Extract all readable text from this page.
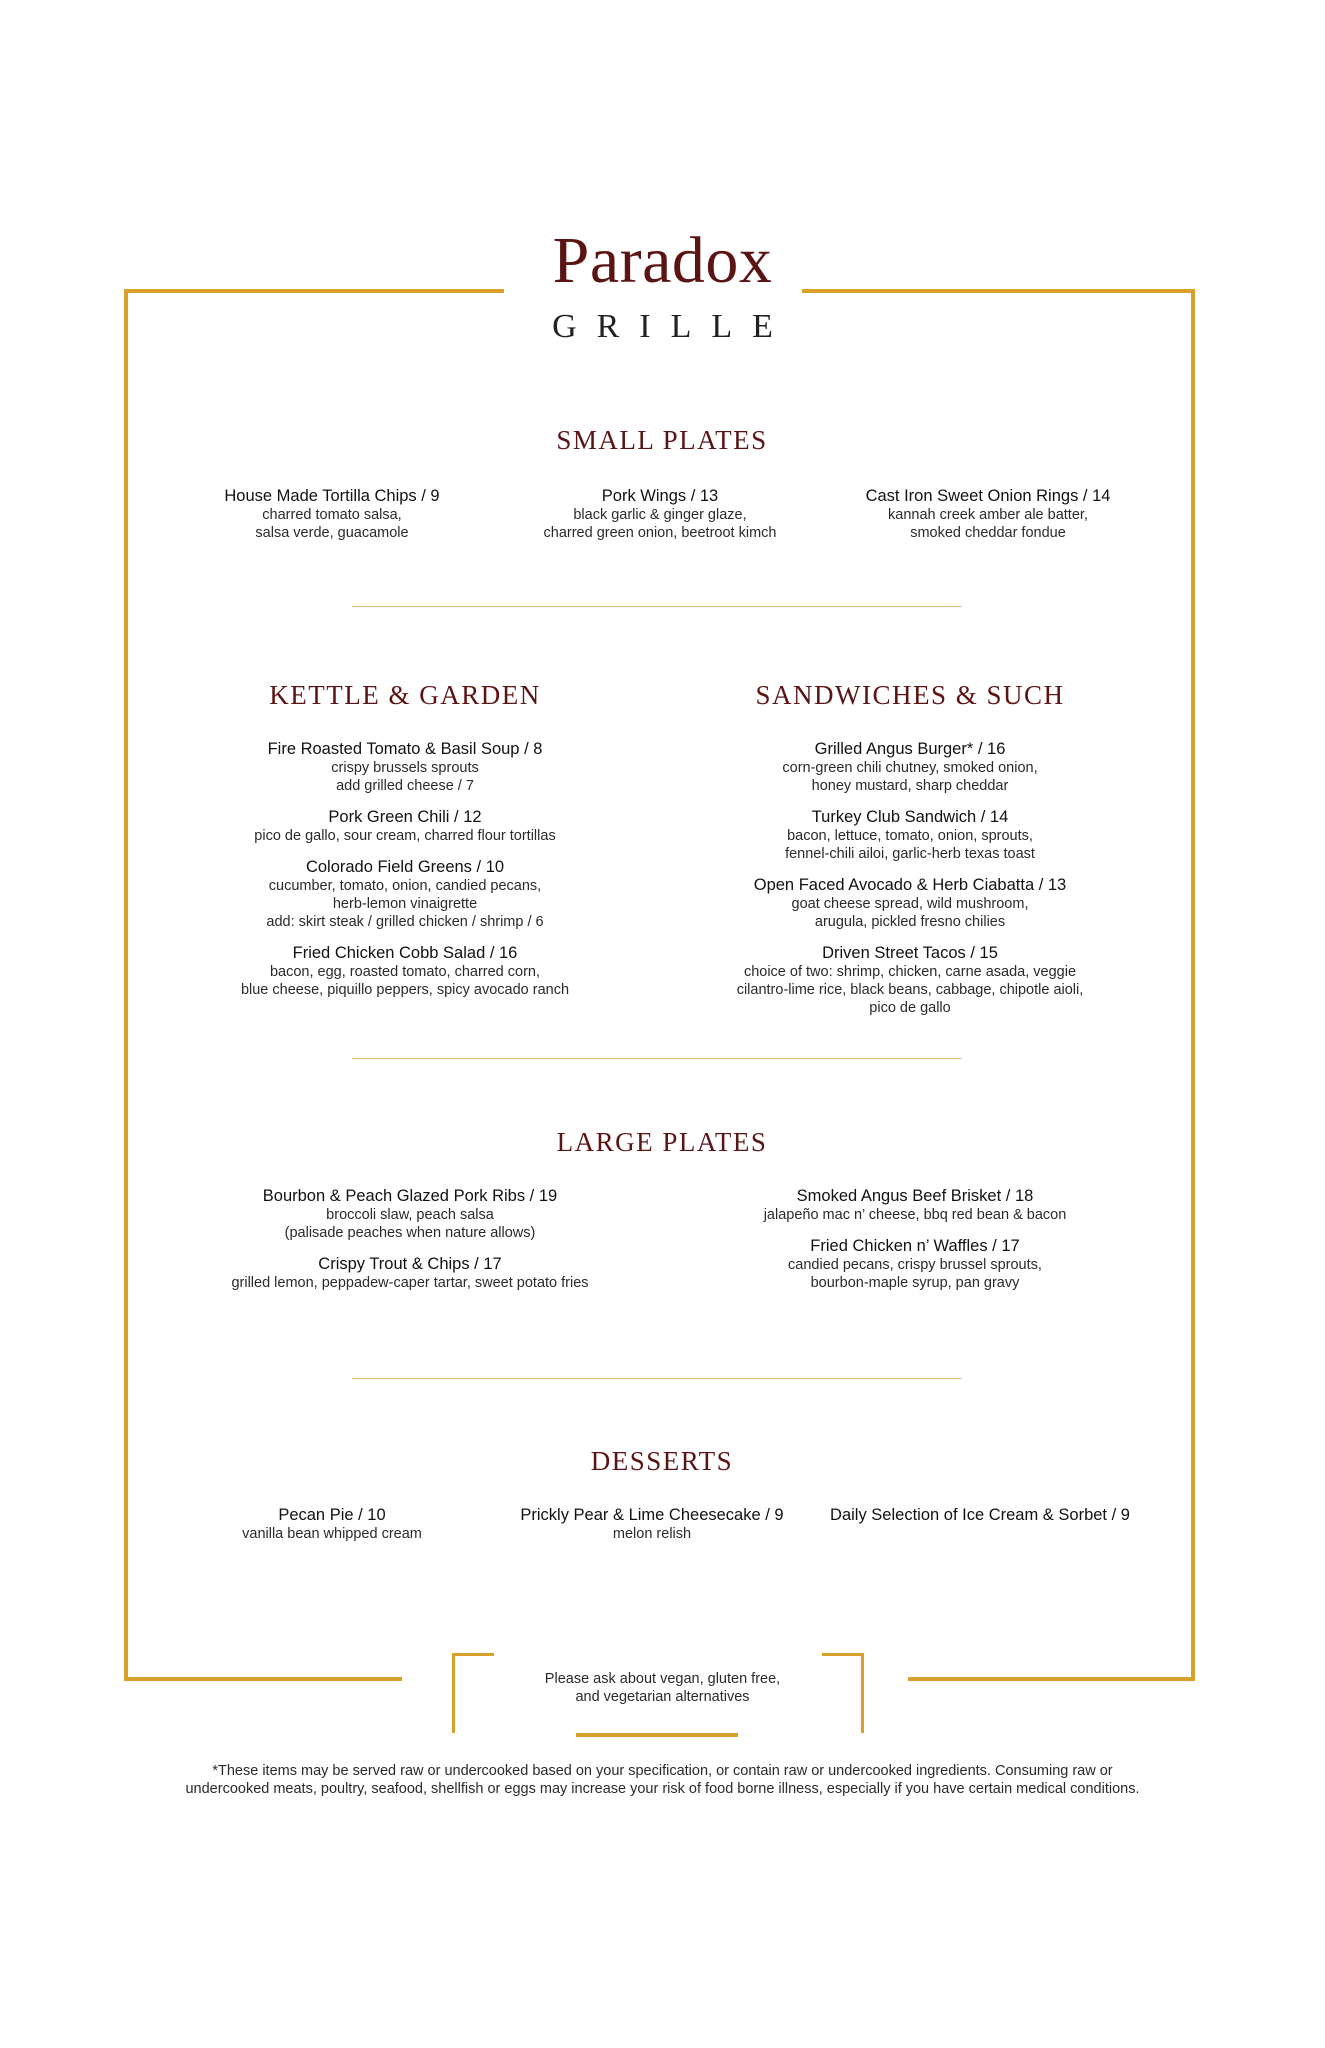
Paradox
GRILLE
SMALL PLATES
KETTLE & GARDEN	SANDWICHES & SUCH
LARGE PLATES
DESSERTS
House Made Tortilla Chips / 9
charred tomato salsa,
salsa verde, guacamole
Pork Wings / 13
black garlic & ginger glaze,
charred green onion, beetroot kimch
Cast Iron Sweet Onion Rings / 14
kannah creek amber ale batter,
smoked cheddar fondue
Fire Roasted Tomato & Basil Soup / 8
crispy brussels sprouts
add grilled cheese / 7
Pork Green Chili / 12
pico de gallo, sour cream, charred flour tortillas
Colorado Field Greens / 10
cucumber, tomato, onion, candied pecans,
herb-lemon vinaigrette
add: skirt steak / grilled chicken / shrimp / 6
Fried Chicken Cobb Salad / 16
bacon, egg, roasted tomato, charred corn,
blue cheese, piquillo peppers, spicy avocado ranch
Grilled Angus Burger* / 16
corn-green chili chutney, smoked onion,
honey mustard, sharp cheddar
Turkey Club Sandwich / 14
bacon, lettuce, tomato, onion, sprouts,
fennel-chili ailoi, garlic-herb texas toast
Open Faced Avocado & Herb Ciabatta / 13
goat cheese spread, wild mushroom,
arugula, pickled fresno chilies
Driven Street Tacos / 15
choice of two: shrimp, chicken, carne asada, veggie
cilantro-lime rice, black beans, cabbage, chipotle aioli,
pico de gallo
Bourbon & Peach Glazed Pork Ribs / 19
broccoli slaw, peach salsa
(palisade peaches when nature allows)
Crispy Trout & Chips / 17
grilled lemon, peppadew-caper tartar, sweet potato fries
Smoked Angus Beef Brisket / 18
jalapeño mac n’ cheese, bbq red bean & bacon
Fried Chicken n’ Waffles / 17
candied pecans, crispy brussel sprouts,
bourbon-maple syrup, pan gravy
Pecan Pie / 10
vanilla bean whipped cream
Prickly Pear & Lime Cheesecake / 9
melon relish
Daily Selection of Ice Cream & Sorbet / 9
Please ask about vegan, gluten free,
and vegetarian alternatives
*These items may be served raw or undercooked based on your specification, or contain raw or undercooked ingredients. Consuming raw or
undercooked meats, poultry, seafood, shellfish or eggs may increase your risk of food borne illness, especially if you have certain medical conditions.
